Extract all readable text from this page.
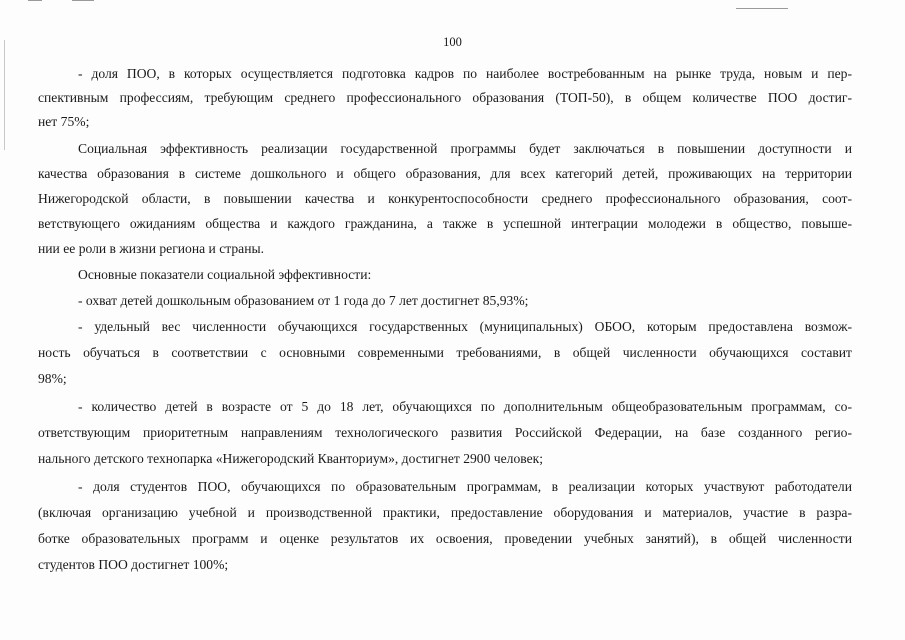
100
- доля ПОО, в которых осуществляется подготовка кадров по наиболее востребованным на рынке труда, новым и пер-
спективным профессиям, требующим среднего профессионального образования (ТОП-50), в общем количестве ПОО достиг-
нет 75%;
Социальная эффективность реализации государственной программы будет заключаться в повышении доступности и
качества образования в системе дошкольного и общего образования, для всех категорий детей, проживающих на территории
Нижегородской области, в повышении качества и конкурентоспособности среднего профессионального образования, соот-
ветствующего ожиданиям общества и каждого гражданина, а также в успешной интеграции молодежи в общество, повыше-
нии ее роли в жизни региона и страны.
Основные показатели социальной эффективности:
- охват детей дошкольным образованием от 1 года до 7 лет достигнет 85,93%;
- удельный вес численности обучающихся государственных (муниципальных) ОБОО, которым предоставлена возмож-
ность обучаться в соответствии с основными современными требованиями, в общей численности обучающихся составит
98%;
- количество детей в возрасте от 5 до 18 лет, обучающихся по дополнительным общеобразовательным программам, со-
ответствующим приоритетным направлениям технологического развития Российской Федерации, на базе созданного регио-
нального детского технопарка «Нижегородский Кванториум», достигнет 2900 человек;
- доля студентов ПОО, обучающихся по образовательным программам, в реализации которых участвуют работодатели
(включая организацию учебной и производственной практики, предоставление оборудования и материалов, участие в разра-
ботке образовательных программ и оценке результатов их освоения, проведении учебных занятий), в общей численности
студентов ПОО достигнет 100%;
